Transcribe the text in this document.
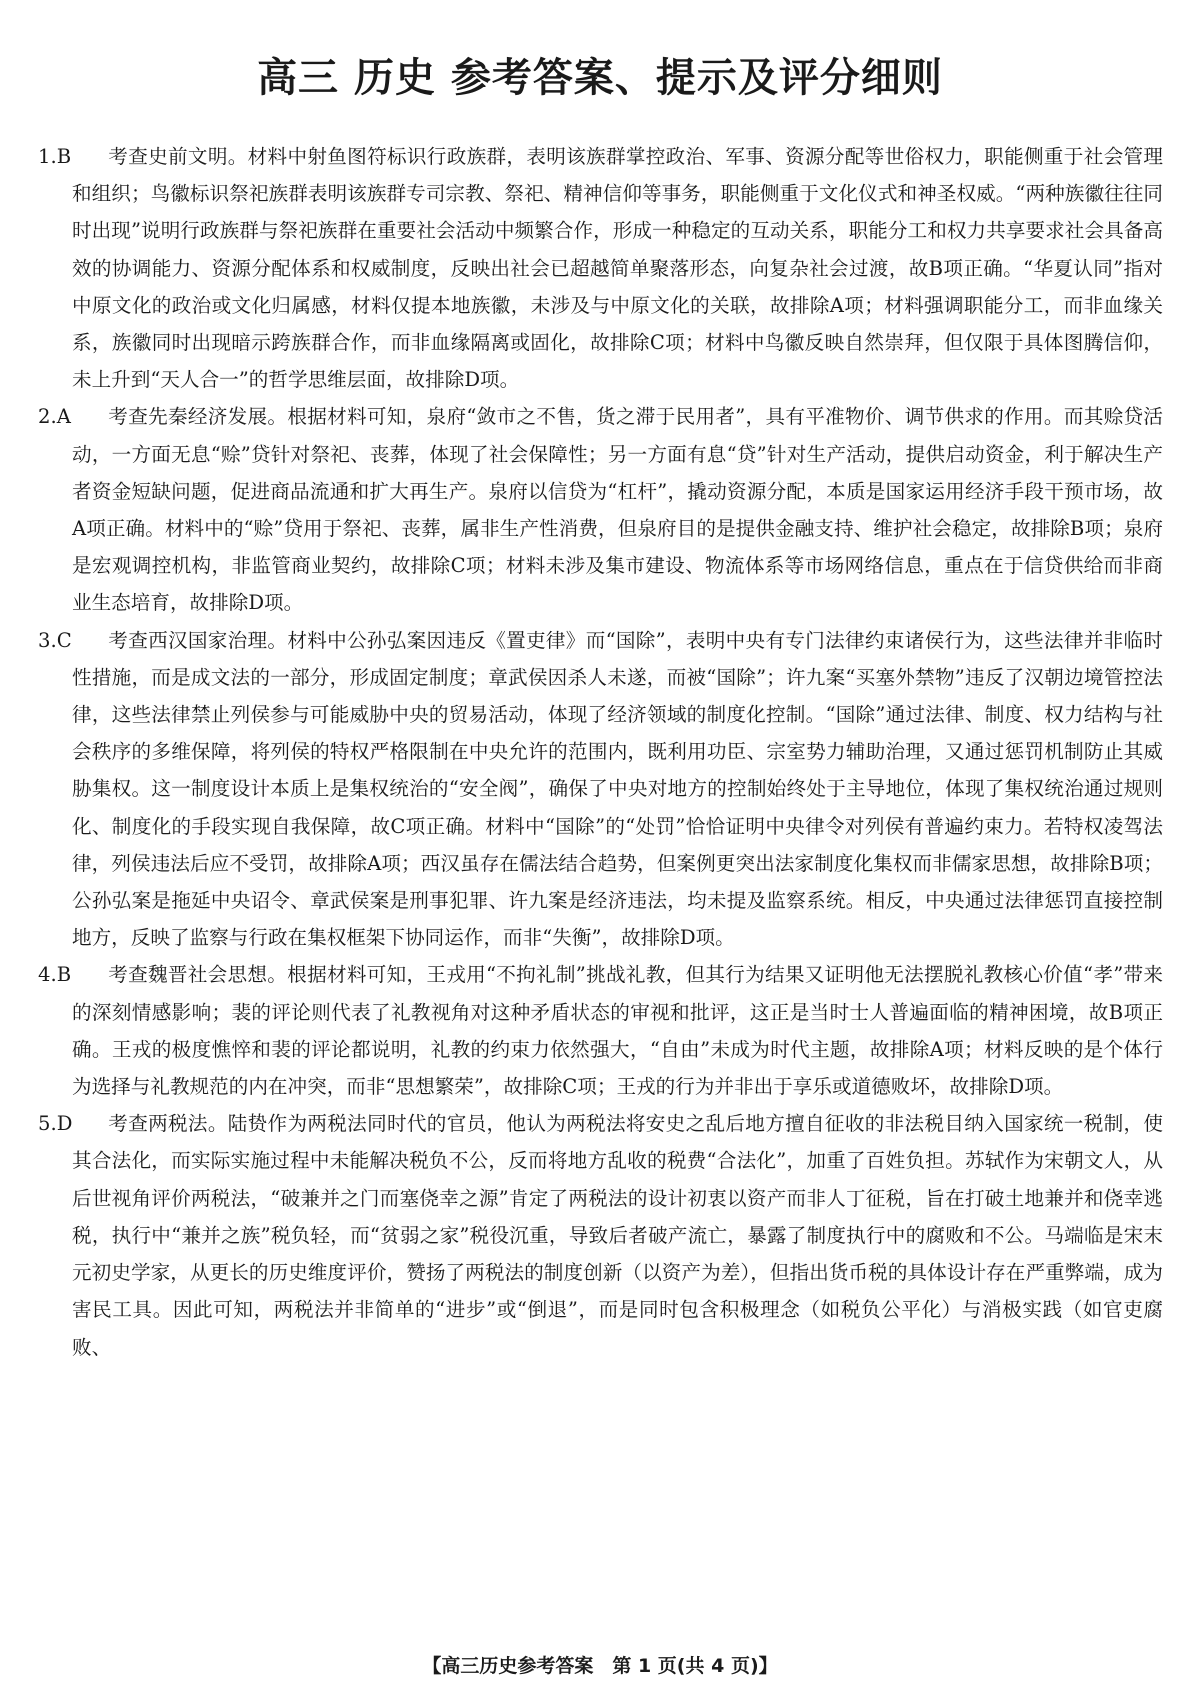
高三 历史 参考答案、提示及评分细则

1.B 考查史前文明。材料中射鱼图符标识行政族群，表明该族群掌控政治、军事、资源分配等世俗权力，职能侧重于社会管理和组织；鸟徽标识祭祀族群表明该族群专司宗教、祭祀、精神信仰等事务，职能侧重于文化仪式和神圣权威。“两种族徽往往同时出现”说明行政族群与祭祀族群在重要社会活动中频繁合作，形成一种稳定的互动关系，职能分工和权力共享要求社会具备高效的协调能力、资源分配体系和权威制度，反映出社会已超越简单聚落形态，向复杂社会过渡，故B项正确。“华夏认同”指对中原文化的政治或文化归属感，材料仅提本地族徽，未涉及与中原文化的关联，故排除A项；材料强调职能分工，而非血缘关系，族徽同时出现暗示跨族群合作，而非血缘隔离或固化，故排除C项；材料中鸟徽反映自然崇拜，但仅限于具体图腾信仰，未上升到“天人合一”的哲学思维层面，故排除D项。

2.A 考查先秦经济发展。根据材料可知，泉府“敛市之不售，货之滞于民用者”，具有平准物价、调节供求的作用。而其赊贷活动，一方面无息“赊”贷针对祭祀、丧葬，体现了社会保障性；另一方面有息“贷”针对生产活动，提供启动资金，利于解决生产者资金短缺问题，促进商品流通和扩大再生产。泉府以信贷为“杠杆”，撬动资源分配，本质是国家运用经济手段干预市场，故A项正确。材料中的“赊”贷用于祭祀、丧葬，属非生产性消费，但泉府目的是提供金融支持、维护社会稳定，故排除B项；泉府是宏观调控机构，非监管商业契约，故排除C项；材料未涉及集市建设、物流体系等市场网络信息，重点在于信贷供给而非商业生态培育，故排除D项。

3.C 考查西汉国家治理。材料中公孙弘案因违反《置吏律》而“国除”，表明中央有专门法律约束诸侯行为，这些法律并非临时性措施，而是成文法的一部分，形成固定制度；章武侯因杀人未遂，而被“国除”；许九案“买塞外禁物”违反了汉朝边境管控法律，这些法律禁止列侯参与可能威胁中央的贸易活动，体现了经济领域的制度化控制。“国除”通过法律、制度、权力结构与社会秩序的多维保障，将列侯的特权严格限制在中央允许的范围内，既利用功臣、宗室势力辅助治理，又通过惩罚机制防止其威胁集权。这一制度设计本质上是集权统治的“安全阀”，确保了中央对地方的控制始终处于主导地位，体现了集权统治通过规则化、制度化的手段实现自我保障，故C项正确。材料中“国除”的“处罚”恰恰证明中央律令对列侯有普遍约束力。若特权凌驾法律，列侯违法后应不受罚，故排除A项；西汉虽存在儒法结合趋势，但案例更突出法家制度化集权而非儒家思想，故排除B项；公孙弘案是拖延中央诏令、章武侯案是刑事犯罪、许九案是经济违法，均未提及监察系统。相反，中央通过法律惩罚直接控制地方，反映了监察与行政在集权框架下协同运作，而非“失衡”，故排除D项。

4.B 考查魏晋社会思想。根据材料可知，王戎用“不拘礼制”挑战礼教，但其行为结果又证明他无法摆脱礼教核心价值“孝”带来的深刻情感影响；裴的评论则代表了礼教视角对这种矛盾状态的审视和批评，这正是当时士人普遍面临的精神困境，故B项正确。王戎的极度憔悴和裴的评论都说明，礼教的约束力依然强大，“自由”未成为时代主题，故排除A项；材料反映的是个体行为选择与礼教规范的内在冲突，而非“思想繁荣”，故排除C项；王戎的行为并非出于享乐或道德败坏，故排除D项。

5.D 考查两税法。陆贽作为两税法同时代的官员，他认为两税法将安史之乱后地方擅自征收的非法税目纳入国家统一税制，使其合法化，而实际实施过程中未能解决税负不公，反而将地方乱收的税费“合法化”，加重了百姓负担。苏轼作为宋朝文人，从后世视角评价两税法，“破兼并之门而塞侥幸之源”肯定了两税法的设计初衷以资产而非人丁征税，旨在打破土地兼并和侥幸逃税，执行中“兼并之族”税负轻，而“贫弱之家”税役沉重，导致后者破产流亡，暴露了制度执行中的腐败和不公。马端临是宋末元初史学家，从更长的历史维度评价，赞扬了两税法的制度创新（以资产为差），但指出货币税的具体设计存在严重弊端，成为害民工具。因此可知，两税法并非简单的“进步”或“倒退”，而是同时包含积极理念（如税负公平化）与消极实践（如官吏腐败、

【高三历史参考答案　第 1 页(共 4 页)】
